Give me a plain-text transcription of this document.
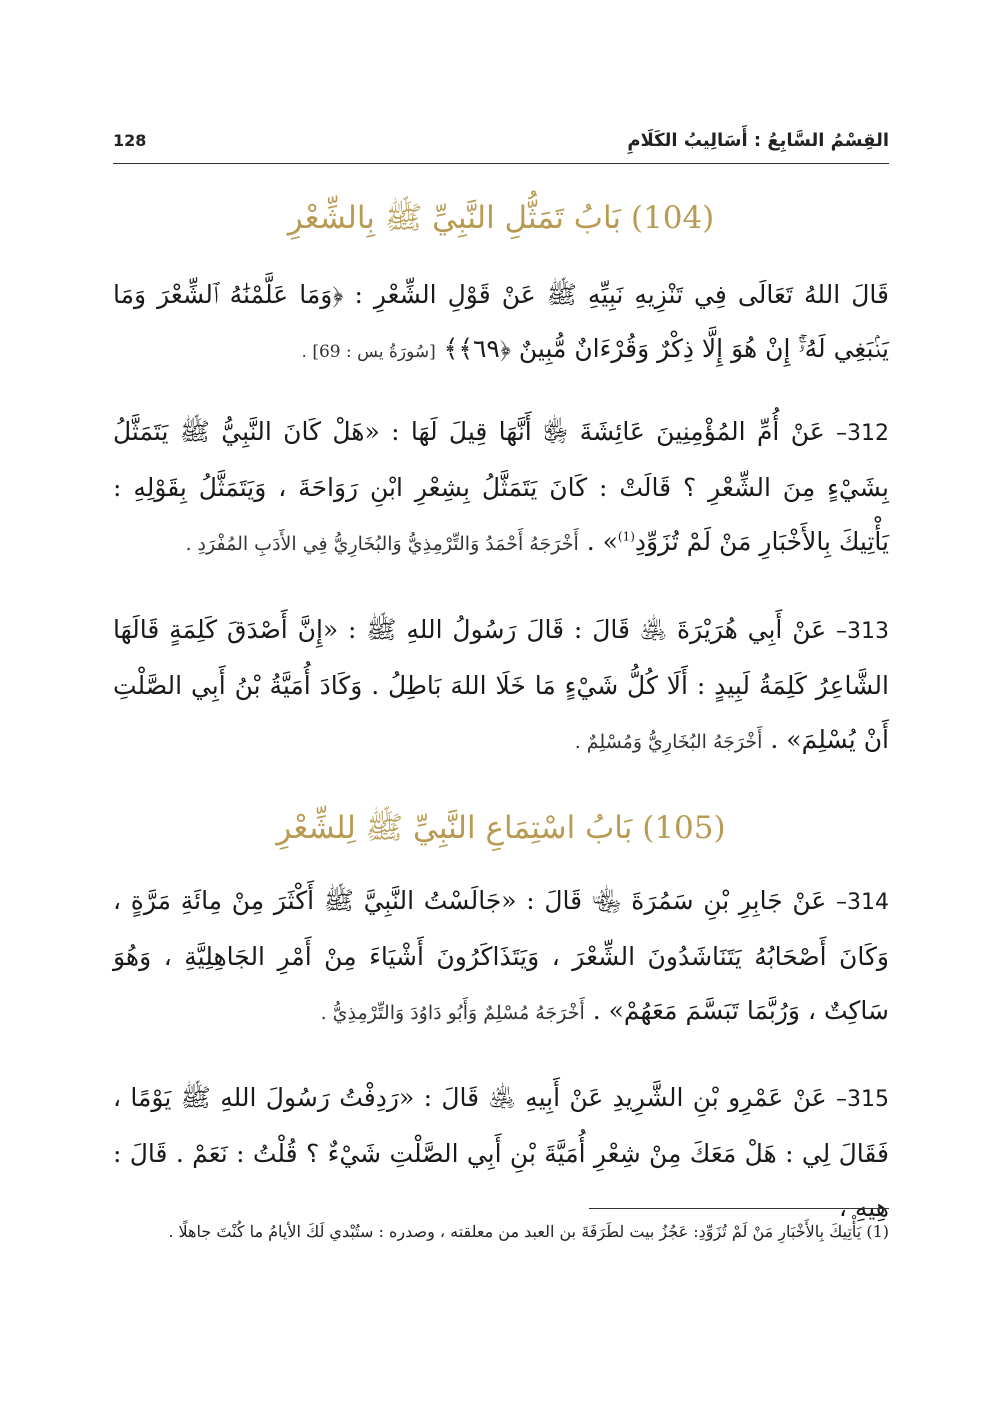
128	القِسْمُ السَّابِعُ : أَسَالِيبُ الكَلَامِ
(104) بَابُ تَمَثُّلِ النَّبِيِّ ﷺ بِالشِّعْرِ

قَالَ اللهُ تَعَالَى فِي تَنْزِيهِ نَبِيِّهِ ﷺ عَنْ قَوْلِ الشِّعْرِ : ﴿وَمَا عَلَّمْنَٰهُ ٱلشِّعْرَ وَمَا يَنۢبَغِي لَهُۥٓۚ إِنْ هُوَ إِلَّا ذِكْرٌ وَقُرْءَانٌ مُّبِينٌ ﴿٦٩﴾﴾ [سُورَةُ يس : 69] .

312– عَنْ أُمِّ المُؤْمِنِينَ عَائِشَةَ ﵂ أَنَّهَا قِيلَ لَهَا : «هَلْ كَانَ النَّبِيُّ ﷺ يَتَمَثَّلُ بِشَيْءٍ مِنَ الشِّعْرِ ؟ قَالَتْ : كَانَ يَتَمَثَّلُ بِشِعْرِ ابْنِ رَوَاحَةَ ، وَيَتَمَثَّلُ بِقَوْلِهِ : يَأْتِيكَ بِالأَخْبَارِ مَنْ لَمْ تُزَوِّدِ$^{(1)}$» . أَخْرَجَهُ أَحْمَدُ وَالتِّرْمِذِيُّ وَالبُخَارِيُّ فِي الأَدَبِ المُفْرَدِ .

313– عَنْ أَبِي هُرَيْرَةَ ﵁ قَالَ : قَالَ رَسُولُ اللهِ ﷺ : «إِنَّ أَصْدَقَ كَلِمَةٍ قَالَهَا الشَّاعِرُ كَلِمَةُ لَبِيدٍ : أَلَا كُلُّ شَيْءٍ مَا خَلَا اللهَ بَاطِلُ . وَكَادَ أُمَيَّةُ بْنُ أَبِي الصَّلْتِ أَنْ يُسْلِمَ» . أَخْرَجَهُ البُخَارِيُّ وَمُسْلِمٌ .

(105) بَابُ اسْتِمَاعِ النَّبِيِّ ﷺ لِلشِّعْرِ

314– عَنْ جَابِرِ بْنِ سَمُرَةَ ﵄ قَالَ : «جَالَسْتُ النَّبِيَّ ﷺ أَكْثَرَ مِنْ مِائَةِ مَرَّةٍ ، وَكَانَ أَصْحَابُهُ يَتَنَاشَدُونَ الشِّعْرَ ، وَيَتَذَاكَرُونَ أَشْيَاءَ مِنْ أَمْرِ الجَاهِلِيَّةِ ، وَهُوَ سَاكِتٌ ، وَرُبَّمَا تَبَسَّمَ مَعَهُمْ» . أَخْرَجَهُ مُسْلِمٌ وَأَبُو دَاوُدَ وَالتِّرْمِذِيُّ .

315– عَنْ عَمْرِو بْنِ الشَّرِيدِ عَنْ أَبِيهِ ﵁ قَالَ : «رَدِفْتُ رَسُولَ اللهِ ﷺ يَوْمًا ، فَقَالَ لِي : هَلْ مَعَكَ مِنْ شِعْرِ أُمَيَّةَ بْنِ أَبِي الصَّلْتِ شَيْءٌ ؟ قُلْتُ : نَعَمْ . قَالَ : هِيهِ ،

(1) يَأْتِيكَ بِالأَخْبَارِ مَنْ لَمْ تُزَوِّدِ: عَجُزُ بيت لطَرَفَةَ بن العبد من معلقته ، وصدره : ستُبْدي لَكَ الأيامُ ما كُنْتَ جاهلًا .
